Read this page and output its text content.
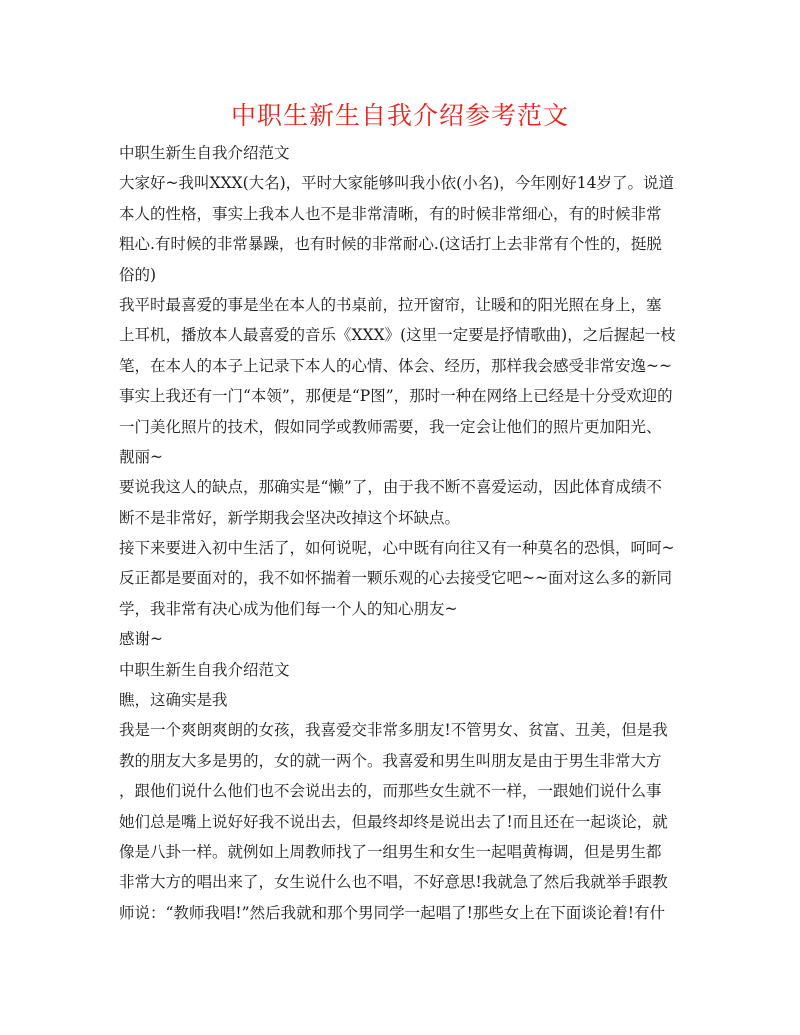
中职生新生自我介绍参考范文
中职生新生自我介绍范文
大家好~我叫XXX(大名)，平时大家能够叫我小依(小名)，今年刚好14岁了。说道
本人的性格，事实上我本人也不是非常清晰，有的时候非常细心，有的时候非常
粗心.有时候的非常暴躁，也有时候的非常耐心.(这话打上去非常有个性的，挺脱
俗的)
我平时最喜爱的事是坐在本人的书桌前，拉开窗帘，让暖和的阳光照在身上，塞
上耳机，播放本人最喜爱的音乐《XXX》(这里一定要是抒情歌曲)，之后握起一枝
笔，在本人的本子上记录下本人的心情、体会、经历，那样我会感受非常安逸~~
事实上我还有一门“本领”，那便是“P图”，那时一种在网络上已经是十分受欢迎的
一门美化照片的技术，假如同学或教师需要，我一定会让他们的照片更加阳光、
靓丽~
要说我这人的缺点，那确实是“懒”了，由于我不断不喜爱运动，因此体育成绩不
断不是非常好，新学期我会坚决改掉这个坏缺点。
接下来要进入初中生活了，如何说呢，心中既有向往又有一种莫名的恐惧，呵呵~
反正都是要面对的，我不如怀揣着一颗乐观的心去接受它吧~~面对这么多的新同
学，我非常有决心成为他们每一个人的知心朋友~
感谢~
中职生新生自我介绍范文
瞧，这确实是我
我是一个爽朗爽朗的女孩，我喜爱交非常多朋友!不管男女、贫富、丑美，但是我
教的朋友大多是男的，女的就一两个。我喜爱和男生叫朋友是由于男生非常大方
，跟他们说什么他们也不会说出去的，而那些女生就不一样，一跟她们说什么事
她们总是嘴上说好好我不说出去，但最终却终是说出去了!而且还在一起谈论，就
像是八卦一样。就例如上周教师找了一组男生和女生一起唱黄梅调，但是男生都
非常大方的唱出来了，女生说什么也不唱，不好意思!我就急了然后我就举手跟教
师说：“教师我唱!”然后我就和那个男同学一起唱了!那些女上在下面谈论着!有什
